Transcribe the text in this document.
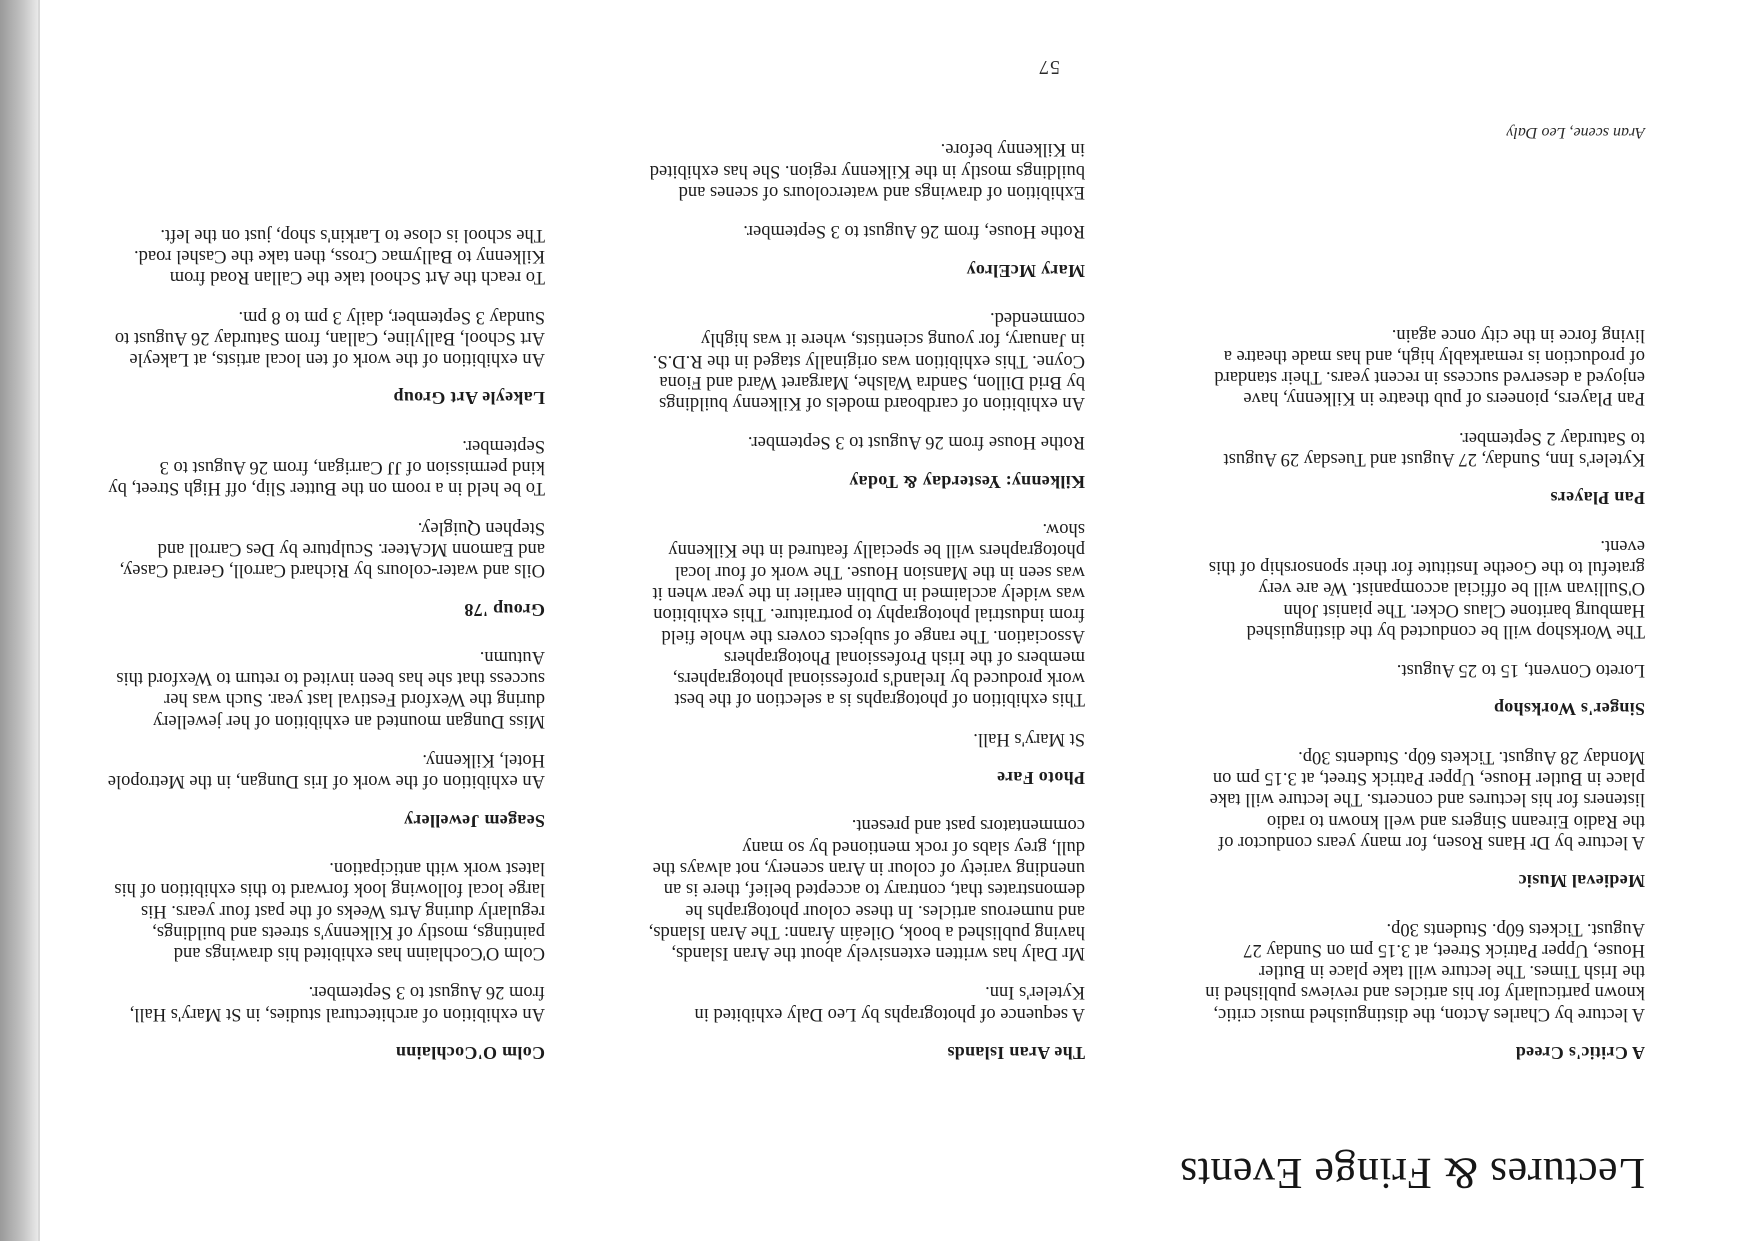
Lectures & Fringe Events
A Critic's Creed

A lecture by Charles Acton, the distinguished music critic, known particularly for his articles and reviews published in the Irish Times. The lecture will take place in Butler House, Upper Patrick Street, at 3.15 pm on Sunday 27 August. Tickets 60p. Students 30p.

Medieval Music

A lecture by Dr Hans Rosen, for many years conductor of the Radio Eireann Singers and well known to radio listeners for his lectures and concerts. The lecture will take place in Butler House, Upper Patrick Street, at 3.15 pm on Monday 28 August. Tickets 60p. Students 30p.

Singer's Workshop

Loreto Convent, 15 to 25 August.

The Workshop will be conducted by the distinguished Hamburg baritone Claus Ocker. The pianist John O'Sullivan will be official accompanist. We are very grateful to the Goethe Institute for their sponsorship of this event.

Pan Players

Kyteler's Inn, Sunday, 27 August and Tuesday 29 August to Saturday 2 September.

Pan Players, pioneers of pub theatre in Kilkenny, have enjoyed a deserved success in recent years. Their standard of production is remarkably high, and has made theatre a living force in the city once again.

The Aran Islands

A sequence of photographs by Leo Daly exhibited in Kyteler's Inn.

Mr Daly has written extensively about the Aran Islands, having published a book, Oileáin Árann: The Aran Islands, and numerous articles. In these colour photographs he demonstrates that, contrary to accepted belief, there is an unending variety of colour in Aran scenery, not always the dull, grey slabs of rock mentioned by so many commentators past and present.

Photo Fare

St Mary's Hall.

This exhibition of photographs is a selection of the best work produced by Ireland's professional photographers, members of the Irish Professional Photographers Association. The range of subjects covers the whole field from industrial photography to portraiture. This exhibition was widely acclaimed in Dublin earlier in the year when it was seen in the Mansion House. The work of four local photographers will be specially featured in the Kilkenny show.

Kilkenny: Yesterday & Today

Rothe House from 26 August to 3 September.

An exhibition of cardboard models of Kilkenny buildings by Brid Dillon, Sandra Walshe, Margaret Ward and Fiona Coyne. This exhibition was originally staged in the R.D.S. in January, for young scientists, where it was highly commended.

Mary McElroy

Rothe House, from 26 August to 3 September.

Exhibition of drawings and watercolours of scenes and buildings mostly in the Kilkenny region. She has exhibited in Kilkenny before.

Colm O'Cochlainn

An exhibition of architectural studies, in St Mary's Hall, from 26 August to 3 September.

Colm O'Cochlainn has exhibited his drawings and paintings, mostly of Kilkenny's streets and buildings, regularly during Arts Weeks of the past four years. His large local following look forward to this exhibition of his latest work with anticipation.

Seagem Jewellery

An exhibition of the work of Iris Dungan, in the Metropole Hotel, Kilkenny.

Miss Dungan mounted an exhibition of her jewellery during the Wexford Festival last year. Such was her success that she has been invited to return to Wexford this Autumn.

Group '78

Oils and water-colours by Richard Carroll, Gerard Casey, and Eamonn McAteer. Sculpture by Des Carroll and Stephen Quigley.

To be held in a room on the Butter Slip, off High Street, by kind permission of JJ Carrigan, from 26 August to 3 September.

Lakeyle Art Group

An exhibition of the work of ten local artists, at Lakeyle Art School, Ballyline, Callan, from Saturday 26 August to Sunday 3 September, daily 3 pm to 8 pm.

To reach the Art School take the Callan Road from Kilkenny to Ballymac Cross, then take the Cashel road. The school is close to Larkin's shop, just on the left.

Aran scene, Leo Daly
57
